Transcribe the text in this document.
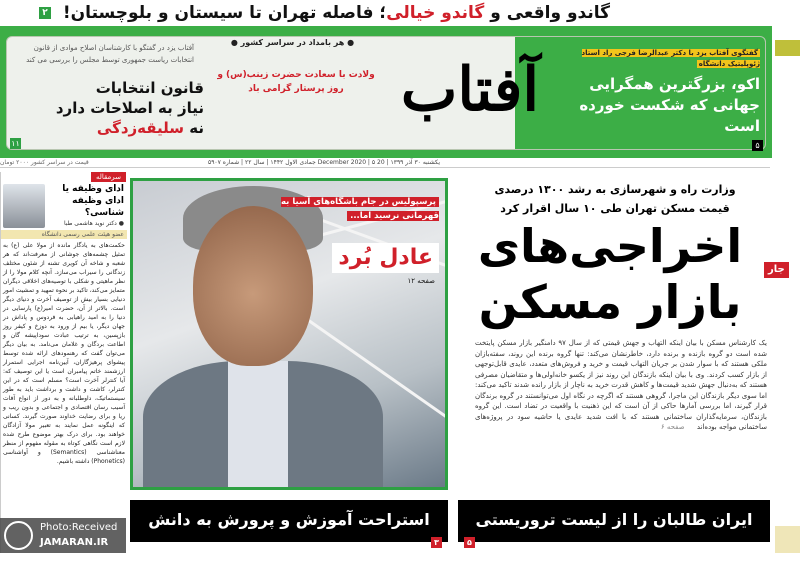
گاندو واقعی و گاندو خیالی؛ فاصله تهران تا سیستان و بلوچستان! ۲
آفتاب یزد در گفتگو با کارشناسان اصلاح موادی از قانون انتخابات ریاست جمهوری توسط مجلس را بررسی می کند
قانون انتخابات
نیاز به اصلاحات دارد
نه سلیقه‌زدگی
۱۱
● هر بامداد در سراسر کشور ●
ولادت با سعادت حضرت زینب(س) و روز پرستار گرامی باد آفتاب
گفتگوی آفتاب یزد با دکتر عبدالرضا فرجی راد استاد ژئوپلیتیک دانشگاه
اکو، بزرگترین همگرایی جهانی که شکست خورده است
۵
یکشنبه ۳۰ آذر ۱۳۹۹ | 20 December 2020 | ۵ جمادی الاول ۱۴۴۲ | سال ۲۲ | شماره ۵۹۰۷
قیمت در سراسر کشور ۲۰۰۰ تومان
سرمقاله
ادای وظیفه یا ادای وظیفه شناسی؟
● دکتر نوید هاشمی طبا
عضو هیئت علمی رسمی دانشگاه
حکمت‌های به یادگار مانده از مولا علی (ع) به تمثیل چشمه‌های جوشانی از معرفت‌اند که هر شعبه و شاخه آن کویری تشنه از شئون مختلف زندگانی را سیراب می‌سازد. آنچه کلام مولا را از نظر ماهیتی و شکلی با توصیه‌های اخلاقی دیگران متمایز می‌کند، تاکید بر نحوه تمهید و تمشیت امور دنیایی بسیار بیش از توصیف آخرت و دنیای دیگر است. بالاتر از آن، حضرت امیر(ع) پارسایی در دنیا را به امید راهیابی به فردوس و پاداش در جهان دیگر، یا بیم از ورود به دوزخ و کیفر روز بازپسین، به ترتیب عبادت سوداپیشه گان و اطاعت بردگان و غلامان می‌نامد. به بیان دیگر می‌توان گفت که رهنمودهای ارائه شده توسط پیشوای پرهیزگاران، آیین‌نامه اجرایی استمرار ارزشمند خاتم پیامبران است یا این توصیف که: آیا کنترلر آخرت است؟ مسلم است که در این کنترلر، کاشت و داشت و برداشت باید به طور سیستماتیک، داوطلبانه و به دور از انواع آفات آسیب رسان اقتصادی و اجتماعی و بدون ریب و ریا و برای رضایت خداوند صورت گیرند. کسانی که اینگونه عمل نمایند به تعبیر مولا آزادگان خواهند بود. برای درک بهتر موضوع طرح شده لازم است نگاهی کوتاه به مقوله مفهوم از منظر معناشناسی (Semantics) و آواشناسی (Phonetics) داشته باشیم.
Photo:Received
JAMARAN.IR
پرسپولیس در جام باشگاه‌های آسیا به قهرمانی نرسید اما...
عادل بُرد
صفحه ۱۲
وزارت راه و شهرسازی به رشد ۱۳۰۰ درصدی
قیمت مسکن تهران طی ۱۰ سال اقرار کرد
اخراجی‌های
بازار مسکن
جار
یک کارشناس مسکن با بیان اینکه التهاب و جهش قیمتی که از سال ۹۷ دامنگیر بازار مسکن پایتخت شده است دو گروه بازنده و برنده دارد، خاطرنشان می‌کند: تنها گروه برنده این روند، سفته‌بازان ملکی هستند که با سوار شدن بر جریان التهاب قیمت و خرید و فروش‌های متعدد، عایدی قابل‌توجهی از بازار کسب کردند. وی با بیان اینکه بازندگان این روند نیز از یکسو خانه‌اولی‌ها و متقاضیان مصرفی هستند که به‌دنبال جهش شدید قیمت‌ها و کاهش قدرت خرید به ناچار از بازار رانده شدند تاکید می‌کند: اما سوی دیگر بازندگان این ماجرا، گروهی هستند که اگرچه در نگاه اول می‌توانستند در گروه برندگان قرار گیرند، اما بررسی آمارها حاکی از آن است که این ذهنیت با واقعیت در تضاد است. این گروه بازندگان، سرمایه‌گذاران ساختمانی هستند که با افت شدید عایدی یا حاشیه سود در پروژه‌های ساختمانی مواجه بوده‌اند صفحه ۶
ایران طالبان را از لیست تروریستی خارج نکرده
۵
استراحت آموزش و پرورش به دانش آموزان
۳
